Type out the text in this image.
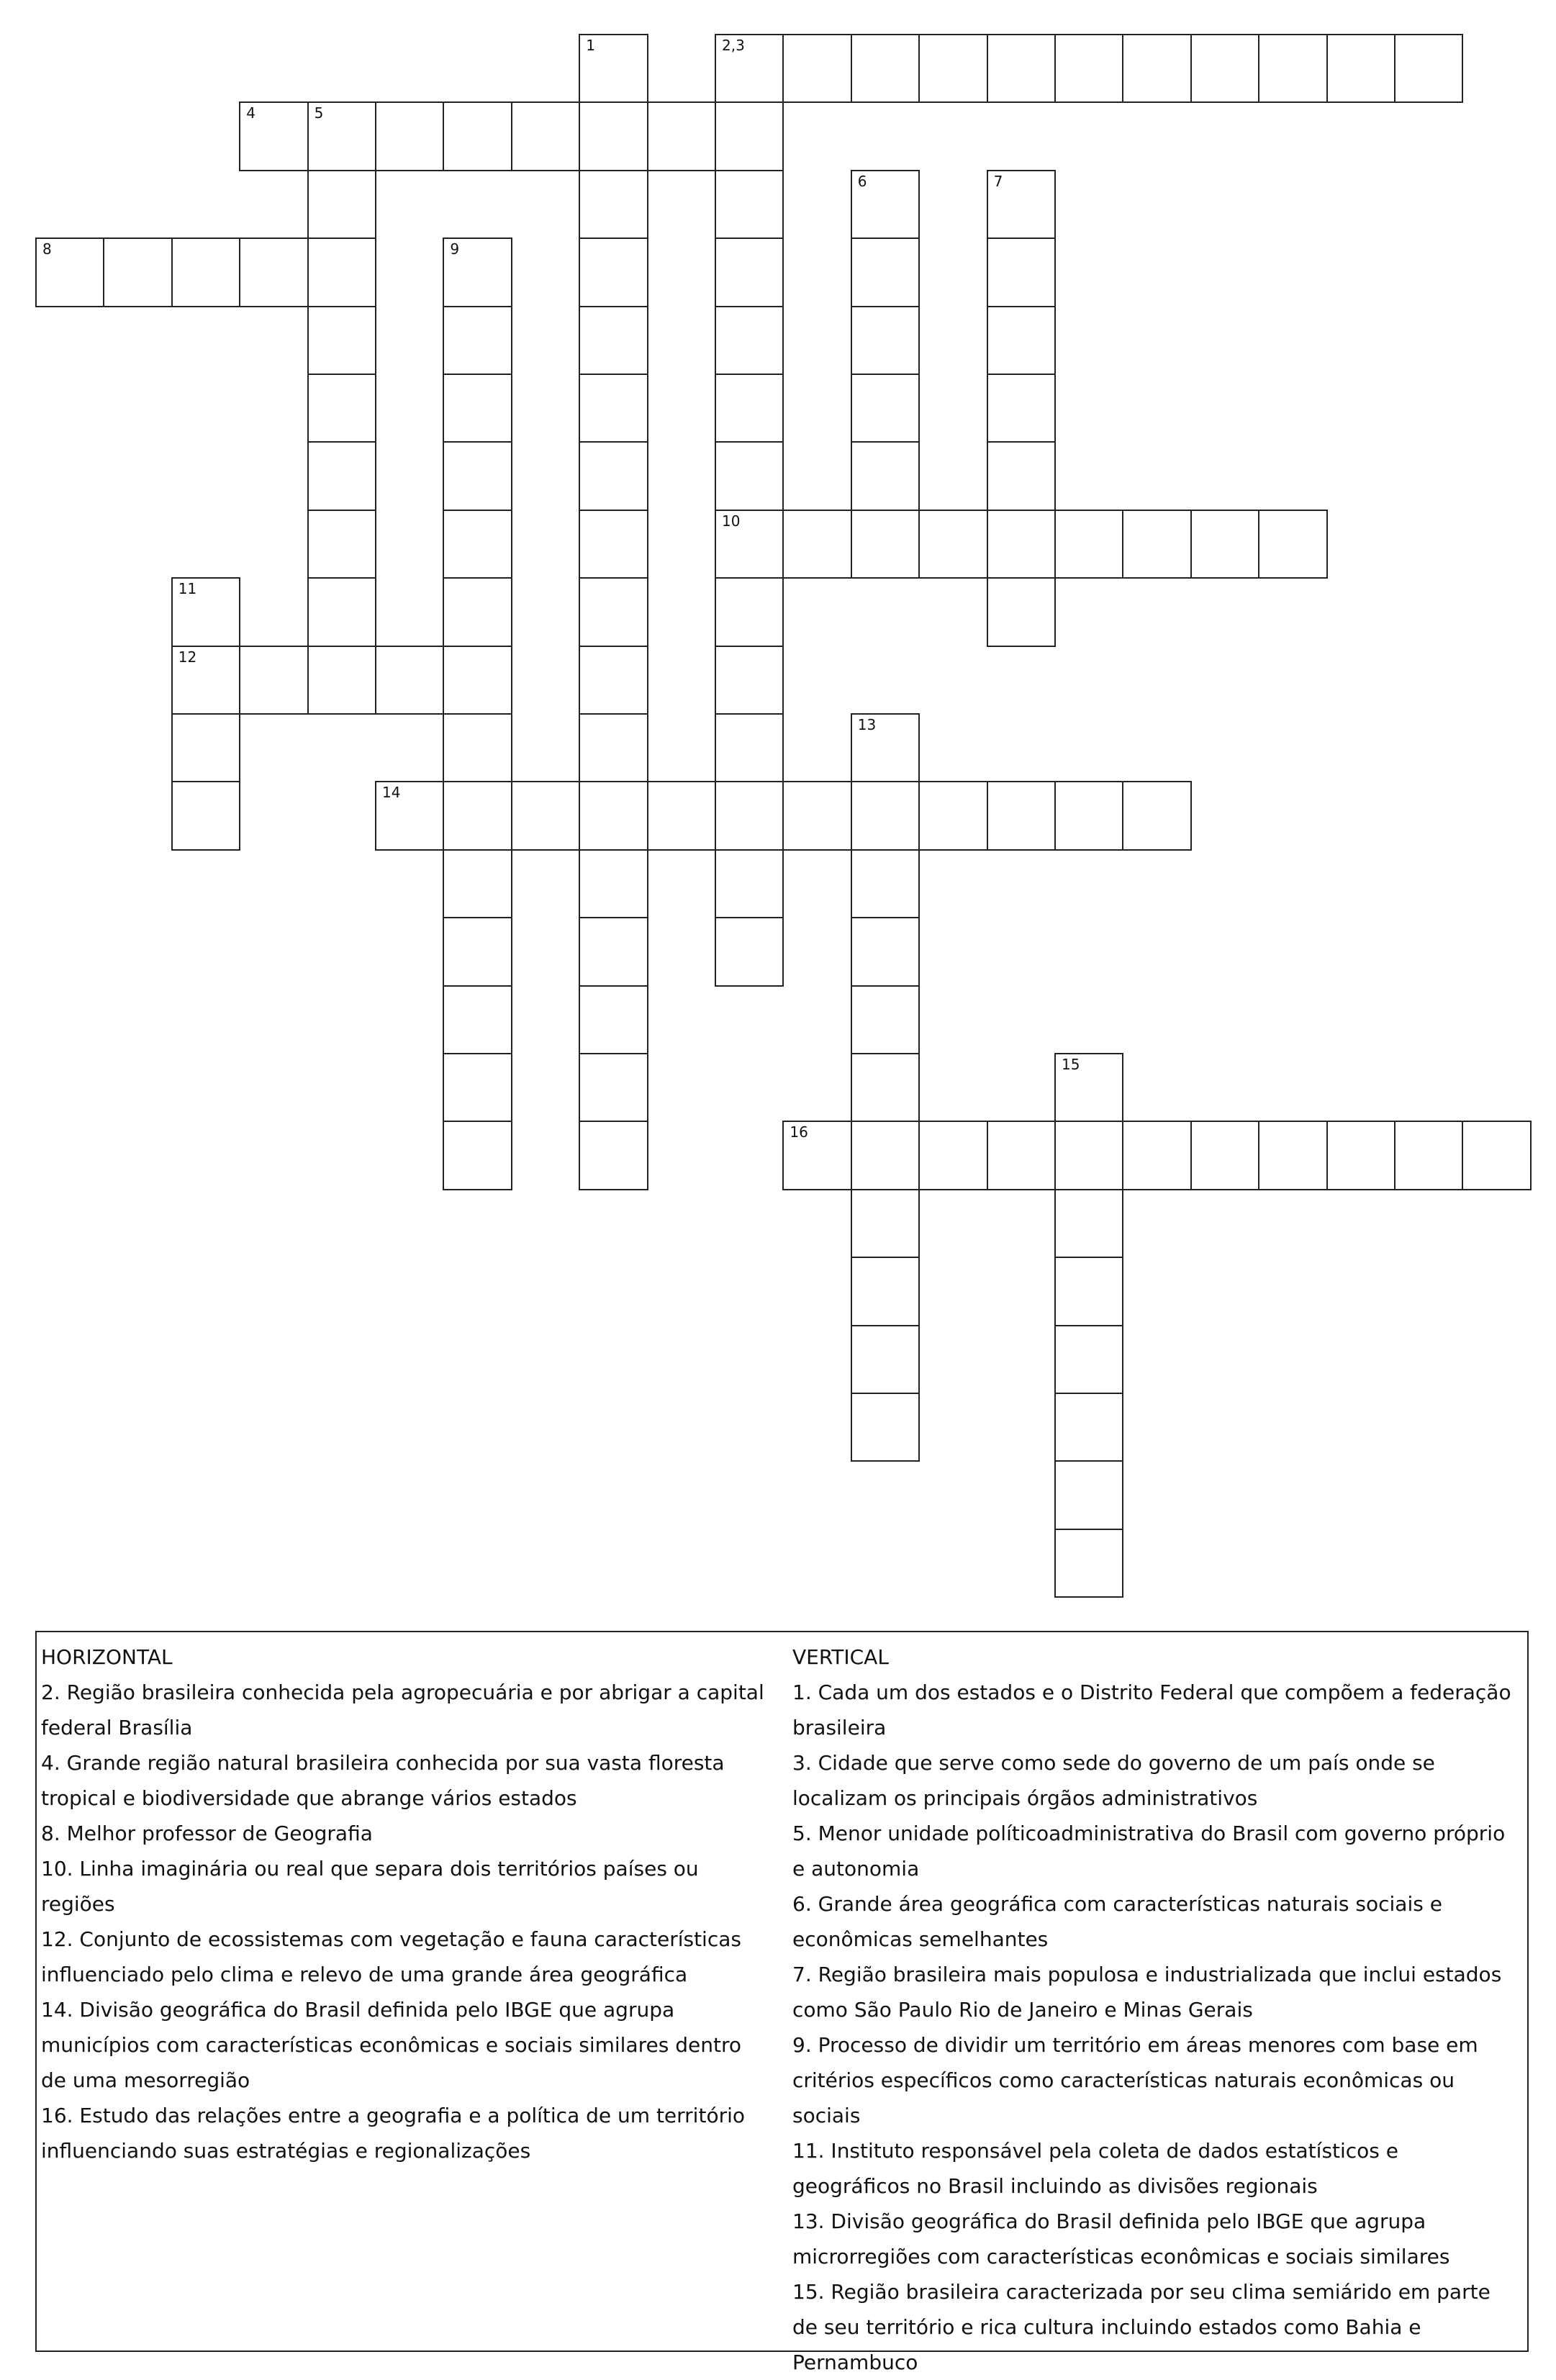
1	2,3
10
4	5
6	7
8	9
11
12
13
14
15
16

HORIZONTAL

2. Região brasileira conhecida pela agropecuária e por abrigar a capital federal Brasília

4. Grande região natural brasileira conhecida por sua vasta floresta tropical e biodiversidade que abrange vários estados

8. Melhor professor de Geografia

10. Linha imaginária ou real que separa dois territórios países ou regiões

12. Conjunto de ecossistemas com vegetação e fauna características influenciado pelo clima e relevo de uma grande área geográfica

14. Divisão geográfica do Brasil definida pelo IBGE que agrupa municípios com características econômicas e sociais similares dentro de uma mesorregião

16. Estudo das relações entre a geografia e a política de um território influenciando suas estratégias e regionalizações

VERTICAL

1. Cada um dos estados e o Distrito Federal que compõem a federação brasileira

3. Cidade que serve como sede do governo de um país onde se localizam os principais órgãos administrativos

5. Menor unidade políticoadministrativa do Brasil com governo próprio e autonomia

6. Grande área geográfica com características naturais sociais e econômicas semelhantes

7. Região brasileira mais populosa e industrializada que inclui estados como São Paulo Rio de Janeiro e Minas Gerais

9. Processo de dividir um território em áreas menores com base em critérios específicos como características naturais econômicas ou sociais

11. Instituto responsável pela coleta de dados estatísticos e geográficos no Brasil incluindo as divisões regionais

13. Divisão geográfica do Brasil definida pelo IBGE que agrupa microrregiões com características econômicas e sociais similares

15. Região brasileira caracterizada por seu clima semiárido em parte de seu território e rica cultura incluindo estados como Bahia e Pernambuco
